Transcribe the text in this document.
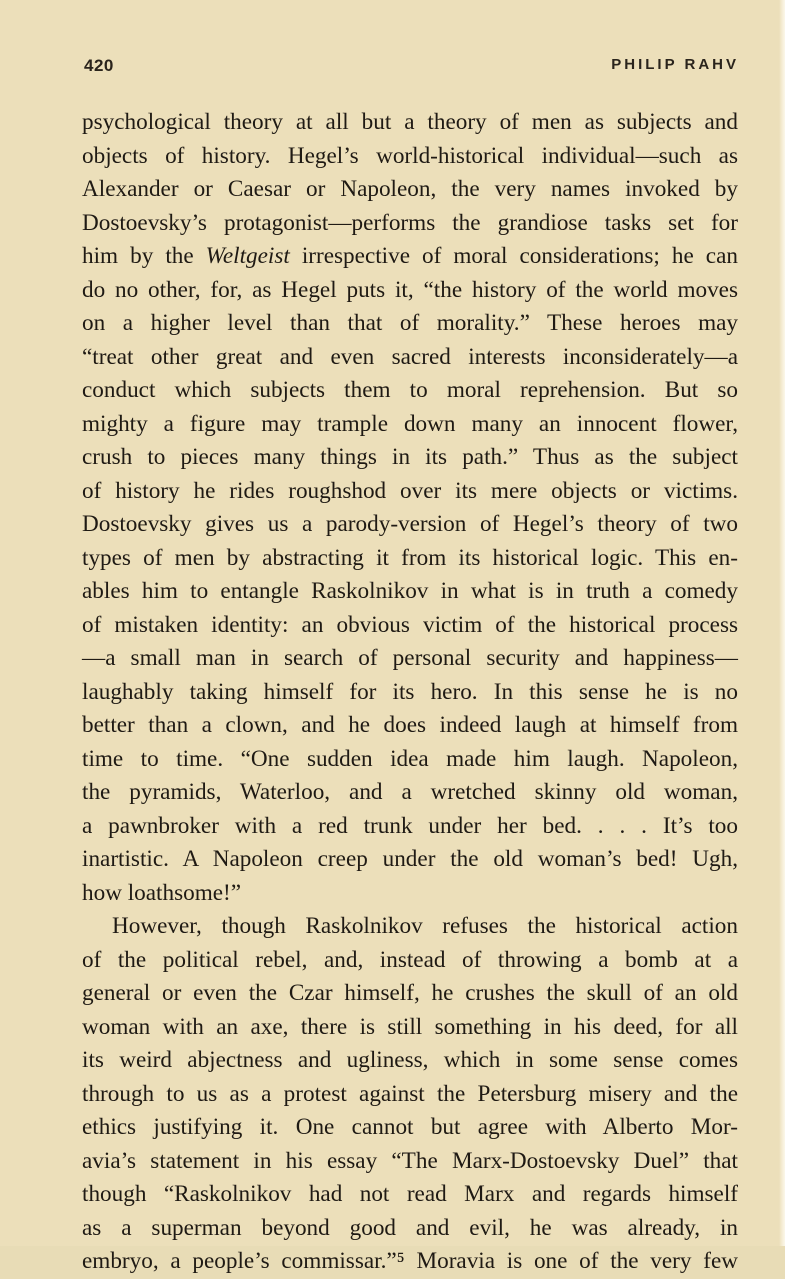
420	PHILIP RAHV
psychological theory at all but a theory of men as subjects and
objects of history. Hegel’s world-historical individual—such as
Alexander or Caesar or Napoleon, the very names invoked by
Dostoevsky’s protagonist—performs the grandiose tasks set for
him by the Weltgeist irrespective of moral considerations; he can
do no other, for, as Hegel puts it, “the history of the world moves
on a higher level than that of morality.” These heroes may
“treat other great and even sacred interests inconsiderately—a
conduct which subjects them to moral reprehension. But so
mighty a figure may trample down many an innocent flower,
crush to pieces many things in its path.” Thus as the subject
of history he rides roughshod over its mere objects or victims.
Dostoevsky gives us a parody-version of Hegel’s theory of two
types of men by abstracting it from its historical logic. This en-
ables him to entangle Raskolnikov in what is in truth a comedy
of mistaken identity: an obvious victim of the historical process
—a small man in search of personal security and happiness—
laughably taking himself for its hero. In this sense he is no
better than a clown, and he does indeed laugh at himself from
time to time. “One sudden idea made him laugh. Napoleon,
the pyramids, Waterloo, and a wretched skinny old woman,
a pawnbroker with a red trunk under her bed. . . . It’s too
inartistic. A Napoleon creep under the old woman’s bed! Ugh,
how loathsome!”
However, though Raskolnikov refuses the historical action
of the political rebel, and, instead of throwing a bomb at a
general or even the Czar himself, he crushes the skull of an old
woman with an axe, there is still something in his deed, for all
its weird abjectness and ugliness, which in some sense comes
through to us as a protest against the Petersburg misery and the
ethics justifying it. One cannot but agree with Alberto Mor-
avia’s statement in his essay “The Marx-Dostoevsky Duel” that
though “Raskolnikov had not read Marx and regards himself
as a superman beyond good and evil, he was already, in
embryo, a people’s commissar.”⁵ Moravia is one of the very few
